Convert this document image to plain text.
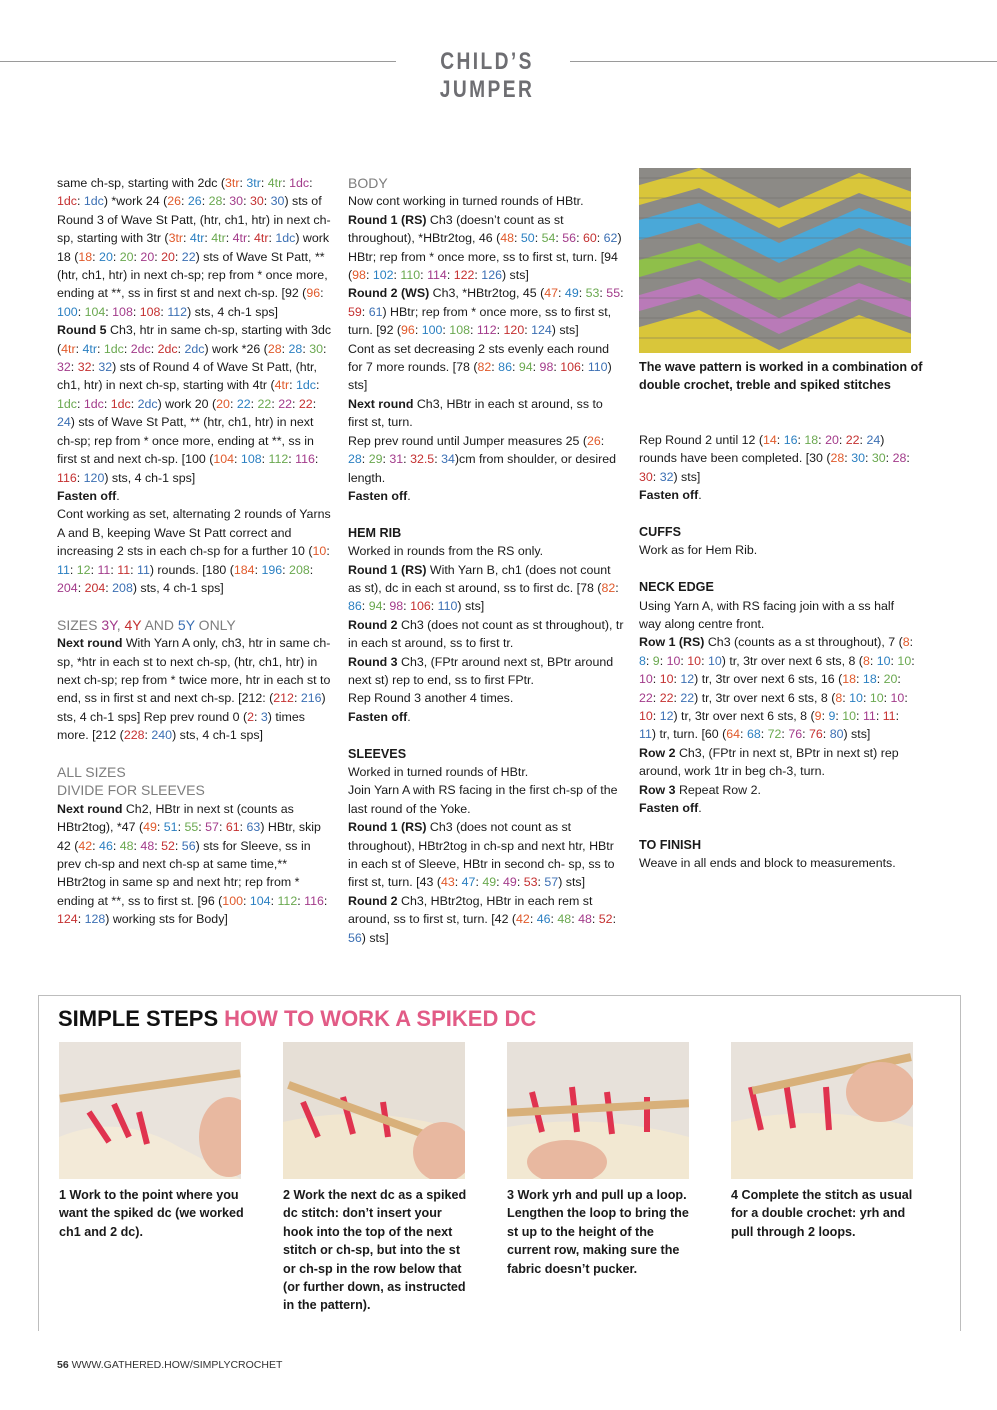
CHILD’S JUMPER

same ch-sp, starting with 2dc (3tr: 3tr: 4tr: 1dc: 1dc: 1dc) *work 24 (26: 26: 28: 30: 30: 30) sts of Round 3 of Wave St Patt, (htr, ch1, htr) in next ch-sp, starting with 3tr (3tr: 4tr: 4tr: 4tr: 4tr: 1dc) work 18 (18: 20: 20: 20: 20: 22) sts of Wave St Patt, ** (htr, ch1, htr) in next ch-sp; rep from * once more, ending at **, ss in first st and next ch-sp. [92 (96: 100: 104: 108: 108: 112) sts, 4 ch-1 sps]

Round 5 Ch3, htr in same ch-sp, starting with 3dc (4tr: 4tr: 1dc: 2dc: 2dc: 2dc) work *26 (28: 28: 30: 32: 32: 32) sts of Round 4 of Wave St Patt, (htr, ch1, htr) in next ch-sp, starting with 4tr (4tr: 1dc: 1dc: 1dc: 1dc: 2dc) work 20 (20: 22: 22: 22: 22: 24) sts of Wave St Patt, ** (htr, ch1, htr) in next ch-sp; rep from * once more, ending at **, ss in first st and next ch-sp. [100 (104: 108: 112: 116: 116: 120) sts, 4 ch-1 sps]

Fasten off.

Cont working as set, alternating 2 rounds of Yarns A and B, keeping Wave St Patt correct and increasing 2 sts in each ch-sp for a further 10 (10: 11: 12: 11: 11: 11) rounds. [180 (184: 196: 208: 204: 204: 208) sts, 4 ch-1 sps]

SIZES 3Y, 4Y AND 5Y ONLY

Next round With Yarn A only, ch3, htr in same ch-sp, *htr in each st to next ch-sp, (htr, ch1, htr) in next ch-sp; rep from * twice more, htr in each st to end, ss in first st and next ch-sp. [212: (212: 216) sts, 4 ch-1 sps] Rep prev round 0 (2: 3) times more. [212 (228: 240) sts, 4 ch-1 sps]

ALL SIZES

DIVIDE FOR SLEEVES

Next round Ch2, HBtr in next st (counts as HBtr2tog), *47 (49: 51: 55: 57: 61: 63) HBtr, skip 42 (42: 46: 48: 48: 52: 56) sts for Sleeve, ss in prev ch-sp and next ch-sp at same time,** HBtr2tog in same sp and next htr; rep from * ending at **, ss to first st. [96 (100: 104: 112: 116: 124: 128) working sts for Body]

BODY

Now cont working in turned rounds of HBtr.

Round 1 (RS) Ch3 (doesn’t count as st throughout), *HBtr2tog, 46 (48: 50: 54: 56: 60: 62) HBtr; rep from * once more, ss to first st, turn. [94 (98: 102: 110: 114: 122: 126) sts]

Round 2 (WS) Ch3, *HBtr2tog, 45 (47: 49: 53: 55: 59: 61) HBtr; rep from * once more, ss to first st, turn. [92 (96: 100: 108: 112: 120: 124) sts]

Cont as set decreasing 2 sts evenly each round for 7 more rounds. [78 (82: 86: 94: 98: 106: 110) sts]

Next round Ch3, HBtr in each st around, ss to first st, turn.

Rep prev round until Jumper measures 25 (26: 28: 29: 31: 32.5: 34)cm from shoulder, or desired length.

Fasten off.

HEM RIB

Worked in rounds from the RS only.

Round 1 (RS) With Yarn B, ch1 (does not count as st), dc in each st around, ss to first dc. [78 (82: 86: 94: 98: 106: 110) sts]

Round 2 Ch3 (does not count as st throughout), tr in each st around, ss to first tr.

Round 3 Ch3, (FPtr around next st, BPtr around next st) rep to end, ss to first FPtr.

Rep Round 3 another 4 times.

Fasten off.

SLEEVES

Worked in turned rounds of HBtr.

Join Yarn A with RS facing in the first ch-sp of the last round of the Yoke.

Round 1 (RS) Ch3 (does not count as st throughout), HBtr2tog in ch-sp and next htr, HBtr in each st of Sleeve, HBtr in second ch- sp, ss to first st, turn. [43 (43: 47: 49: 49: 53: 57) sts]

Round 2 Ch3, HBtr2tog, HBtr in each rem st around, ss to first st, turn. [42 (42: 46: 48: 48: 52: 56) sts]

The wave pattern is worked in a combination of double crochet, treble and spiked stitches

Rep Round 2 until 12 (14: 16: 18: 20: 22: 24) rounds have been completed. [30 (28: 30: 30: 28: 30: 32) sts]

Fasten off.

CUFFS

Work as for Hem Rib.

NECK EDGE

Using Yarn A, with RS facing join with a ss half way along centre front.

Row 1 (RS) Ch3 (counts as a st throughout), 7 (8: 8: 9: 10: 10: 10) tr, 3tr over next 6 sts, 8 (8: 10: 10: 10: 10: 12) tr, 3tr over next 6 sts, 16 (18: 18: 20: 22: 22: 22) tr, 3tr over next 6 sts, 8 (8: 10: 10: 10: 10: 12) tr, 3tr over next 6 sts, 8 (9: 9: 10: 11: 11: 11) tr, turn. [60 (64: 68: 72: 76: 76: 80) sts]

Row 2 Ch3, (FPtr in next st, BPtr in next st) rep around, work 1tr in beg ch-3, turn.

Row 3 Repeat Row 2.

Fasten off.

TO FINISH

Weave in all ends and block to measurements.

SIMPLE STEPS HOW TO WORK A SPIKED DC
1 Work to the point where you want the spiked dc (we worked ch1 and 2 dc).
2 Work the next dc as a spiked dc stitch: don’t insert your hook into the top of the next stitch or ch-sp, but into the st or ch-sp in the row below that (or further down, as instructed in the pattern).
3 Work yrh and pull up a loop. Lengthen the loop to bring the st up to the height of the current row, making sure the fabric doesn’t pucker.
4 Complete the stitch as usual for a double crochet: yrh and pull through 2 loops.
56 WWW.GATHERED.HOW/SIMPLYCROCHET
